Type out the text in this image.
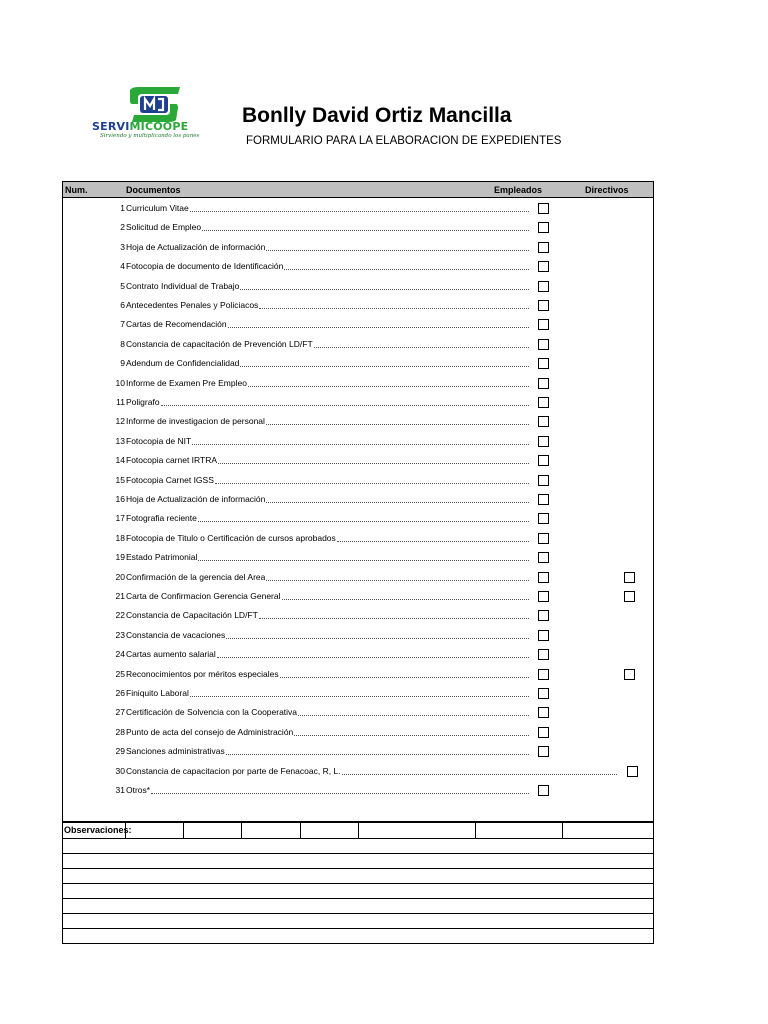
SERVIMICOOPE
Sirviendo y multiplicando los panes
Bonlly David Ortiz Mancilla
FORMULARIO PARA LA ELABORACION DE EXPEDIENTES
Num.	Documentos	Empleados	Directivos
1 Curriculum Vitae
2 Solicitud de Empleo
3 Hoja de Actualización de información
4 Fotocopia de documento de Identificación
5 Contrato Individual de Trabajo
6 Antecedentes Penales y Policiacos
7 Cartas de Recomendación
8 Constancia de capacitación de Prevención LD/FT
9 Adendum de Confidencialidad
10 Informe de Examen Pre Empleo
11 Poligrafo
12 Informe de investigacion de personal
13 Fotocopia de NIT
14 Fotocopia carnet IRTRA
15 Fotocopia Carnet IGSS
16 Hoja de Actualización de información
17 Fotografia reciente
18 Fotocopia de Titulo o Certificación de cursos aprobados
19 Estado Patrimonial
20 Confirmación de la gerencia del Area
21 Carta de Confirmacion Gerencia General
22 Constancia de Capacitación LD/FT
23 Constancia de vacaciones
24 Cartas aumento salarial
25 Reconocimientos por méritos especiales
26 Finiquito Laboral
27 Certificación de Solvencia con la Cooperativa
28 Punto de acta del consejo de Administración
29 Sanciones administrativas
30 Constancia de capacitacion por parte de Fenacoac, R, L.
31 Otros*
Observaciones:
